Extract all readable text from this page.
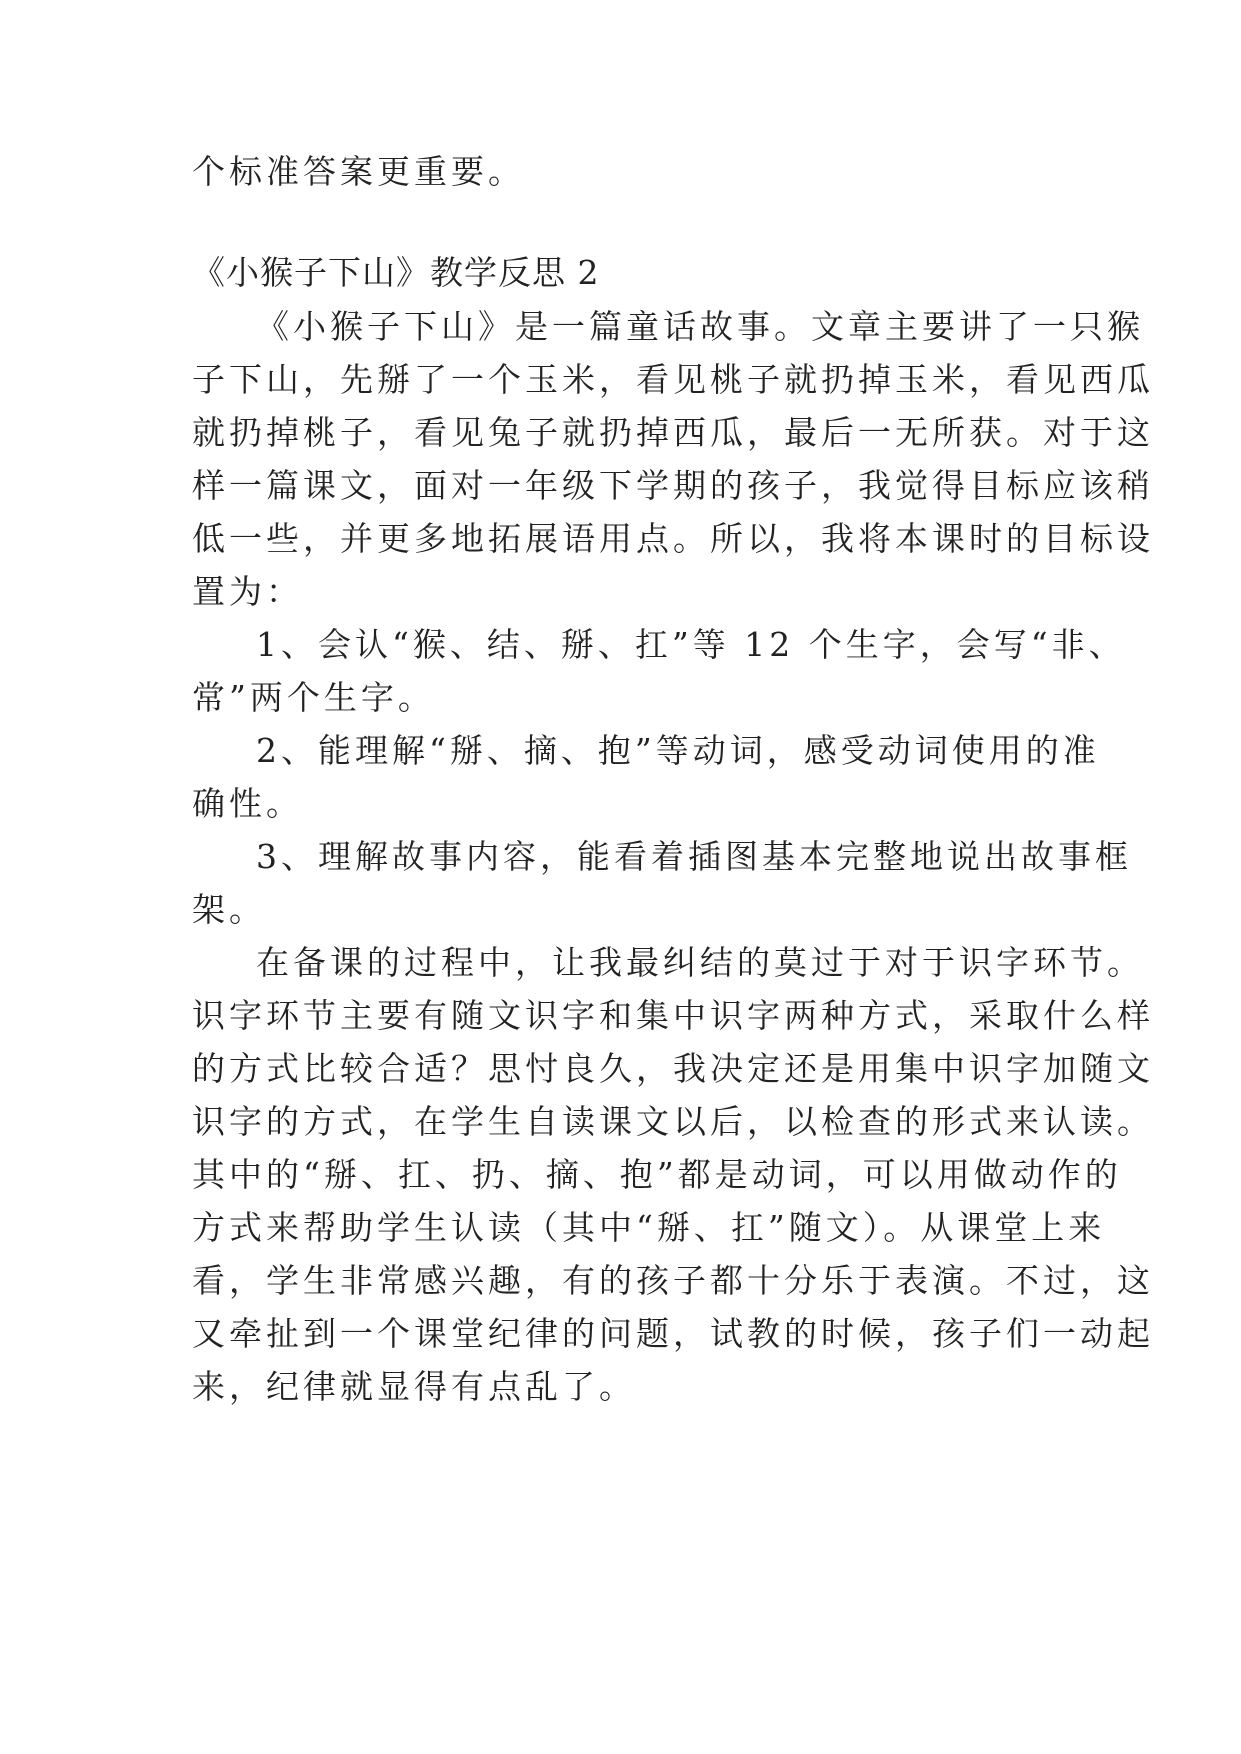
个标准答案更重要。

《小猴子下山》教学反思 2

《小猴子下山》是一篇童话故事。文章主要讲了一只猴

子下山，先掰了一个玉米，看见桃子就扔掉玉米，看见西瓜

就扔掉桃子，看见兔子就扔掉西瓜，最后一无所获。对于这

样一篇课文，面对一年级下学期的孩子，我觉得目标应该稍

低一些，并更多地拓展语用点。所以，我将本课时的目标设

置为：

1、会认“猴、结、掰、扛”等 12 个生字，会写“非、

常”两个生字。

2、能理解“掰、摘、抱”等动词，感受动词使用的准

确性。

3、理解故事内容，能看着插图基本完整地说出故事框

架。

在备课的过程中，让我最纠结的莫过于对于识字环节。

识字环节主要有随文识字和集中识字两种方式，采取什么样

的方式比较合适？思忖良久，我决定还是用集中识字加随文

识字的方式，在学生自读课文以后，以检查的形式来认读。

其中的“掰、扛、扔、摘、抱”都是动词，可以用做动作的

方式来帮助学生认读（其中“掰、扛”随文）。从课堂上来

看，学生非常感兴趣，有的孩子都十分乐于表演。不过，这

又牵扯到一个课堂纪律的问题，试教的时候，孩子们一动起

来，纪律就显得有点乱了。
